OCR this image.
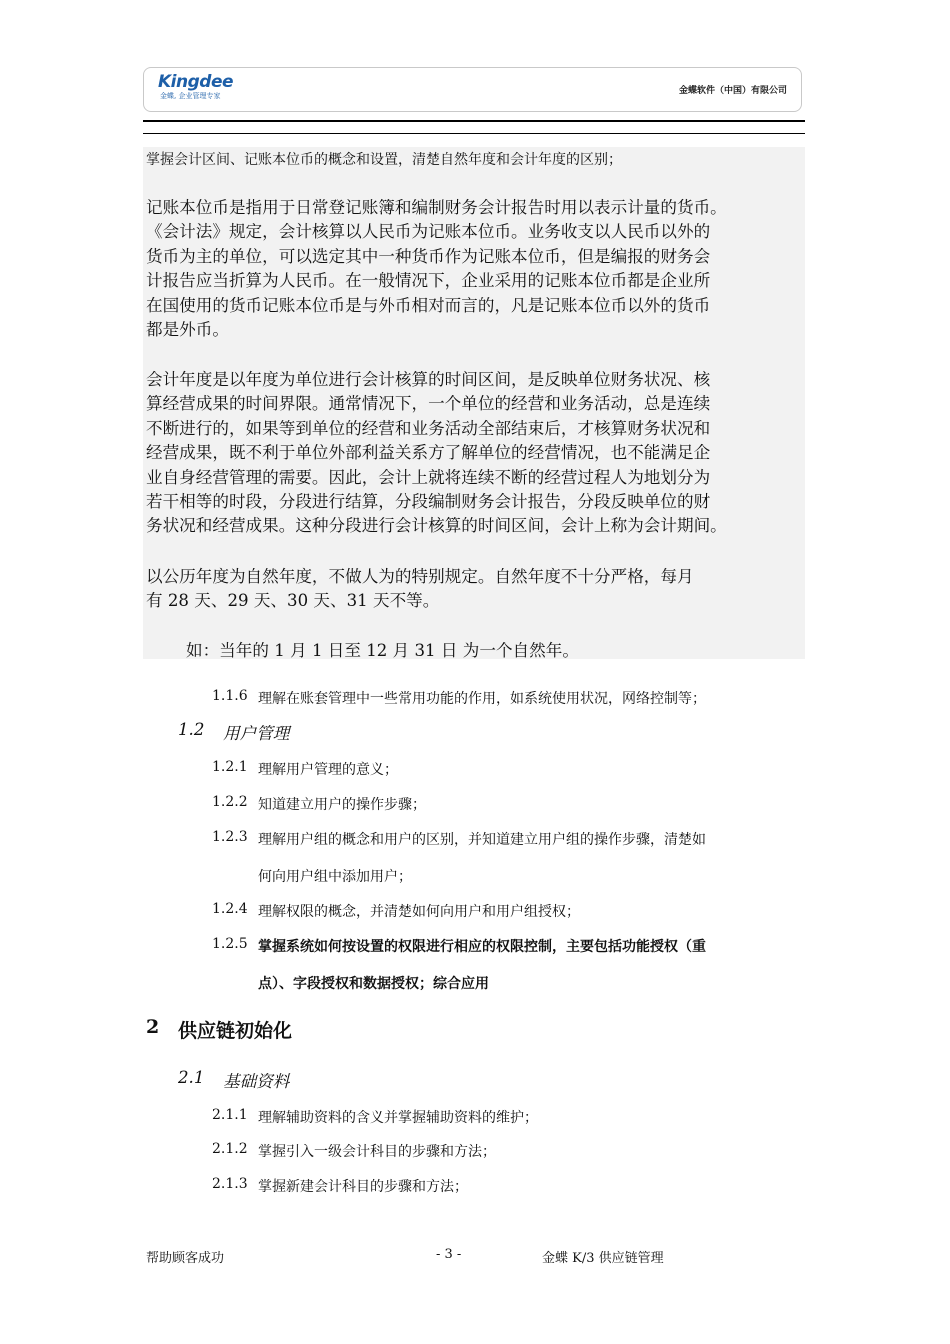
Kingdee
金蝶, 企业管理专家	金蝶软件（中国）有限公司
掌握会计区间、记账本位币的概念和设置，清楚自然年度和会计年度的区别；

记账本位币是指用于日常登记账簿和编制财务会计报告时用以表示计量的货币。

《会计法》规定，会计核算以人民币为记账本位币。业务收支以人民币以外的

货币为主的单位，可以选定其中一种货币作为记账本位币，但是编报的财务会

计报告应当折算为人民币。在一般情况下，企业采用的记账本位币都是企业所

在国使用的货币记账本位币是与外币相对而言的，凡是记账本位币以外的货币

都是外币。

会计年度是以年度为单位进行会计核算的时间区间，是反映单位财务状况、核

算经营成果的时间界限。通常情况下，一个单位的经营和业务活动，总是连续

不断进行的，如果等到单位的经营和业务活动全部结束后，才核算财务状况和

经营成果，既不利于单位外部利益关系方了解单位的经营情况，也不能满足企

业自身经营管理的需要。因此，会计上就将连续不断的经营过程人为地划分为

若干相等的时段，分段进行结算，分段编制财务会计报告，分段反映单位的财

务状况和经营成果。这种分段进行会计核算的时间区间，会计上称为会计期间。

以公历年度为自然年度，不做人为的特别规定。自然年度不十分严格，每月

有 28 天、29 天、30 天、31 天不等。

如：当年的 1 月 1 日至 12 月 31 日 为一个自然年。
1.1.6 理解在账套管理中一些常用功能的作用，如系统使用状况，网络控制等；
1.2 用户管理
1.2.1 理解用户管理的意义；
1.2.2 知道建立用户的操作步骤；
1.2.3 理解用户组的概念和用户的区别，并知道建立用户组的操作步骤，清楚如
何向用户组中添加用户；
1.2.4 理解权限的概念，并清楚如何向用户和用户组授权；
1.2.5 掌握系统如何按设置的权限进行相应的权限控制，主要包括功能授权（重
点）、字段授权和数据授权；综合应用
2 供应链初始化
2.1 基础资料
2.1.1 理解辅助资料的含义并掌握辅助资料的维护；
2.1.2 掌握引入一级会计科目的步骤和方法；
2.1.3 掌握新建会计科目的步骤和方法；
帮助顾客成功	- 3 -	金蝶 K/3 供应链管理
